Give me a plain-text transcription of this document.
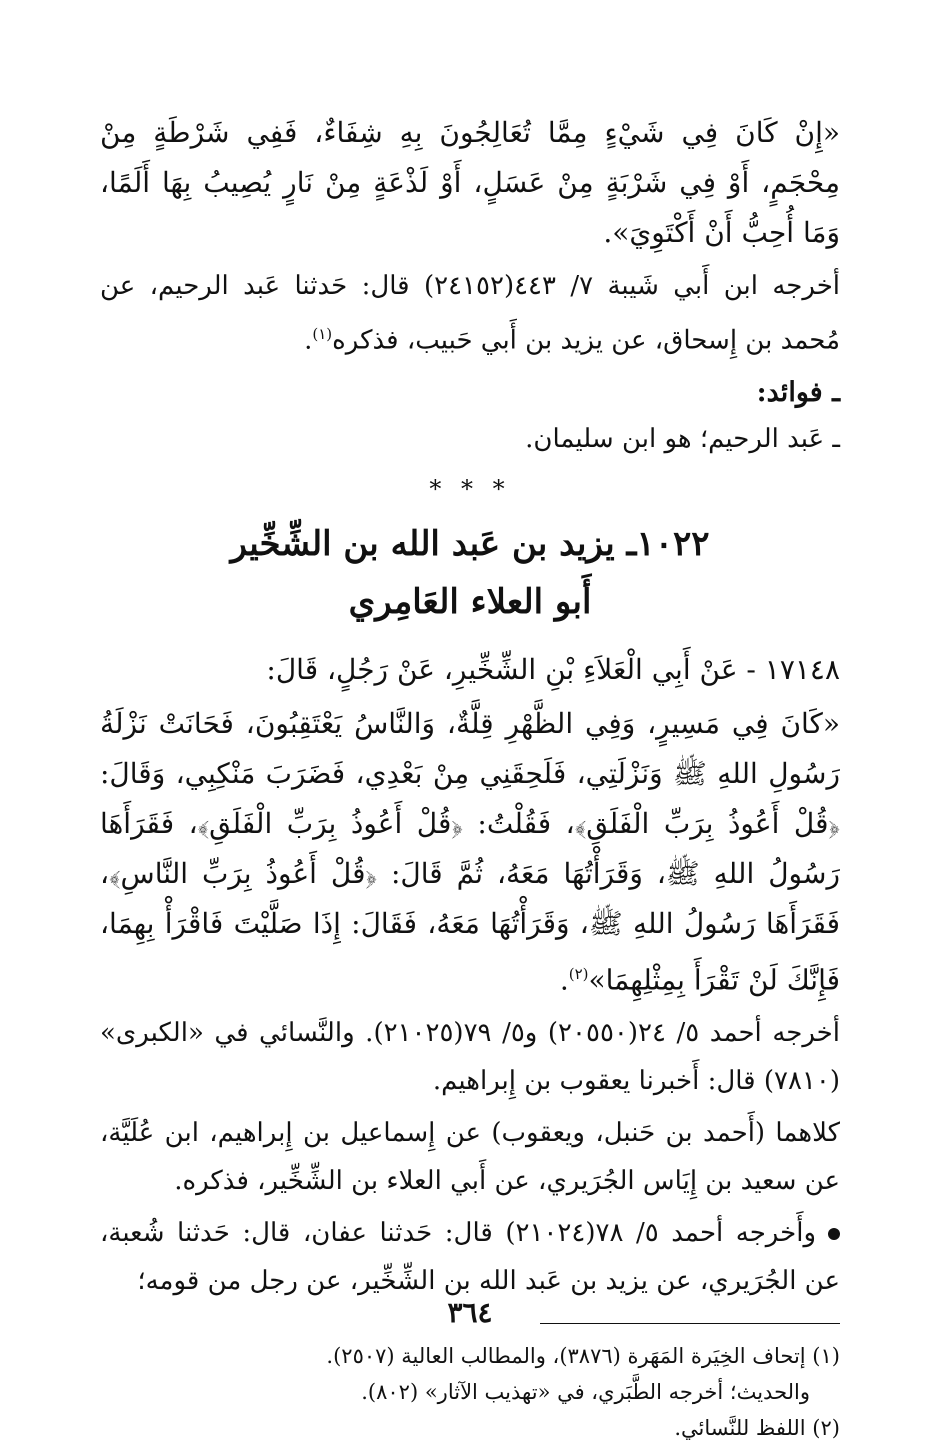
«إِنْ كَانَ فِي شَيْءٍ مِمَّا تُعَالِجُونَ بِهِ شِفَاءٌ، فَفِي شَرْطَةٍ مِنْ مِحْجَمٍ، أَوْ فِي شَرْبَةٍ مِنْ عَسَلٍ، أَوْ لَذْعَةٍ مِنْ نَارٍ يُصِيبُ بِهَا أَلَمًا، وَمَا أُحِبُّ أَنْ أَكْتَوِيَ».

أخرجه ابن أَبي شَيبة ٧/ ٤٤٣(٢٤١٥٢) قال: حَدثنا عَبد الرحيم، عن مُحمد بن إِسحاق، عن يزيد بن أَبي حَبيب، فذكره$^{(١)}$.

ـ فوائد:
ـ عَبد الرحيم؛ هو ابن سليمان.
* * *
١٠٢٢ـ يزيد بن عَبد الله بن الشِّخِّير
أَبو العلاء العَامِري

١٧١٤٨ - عَنْ أَبِي الْعَلاَءِ بْنِ الشِّخِّيرِ، عَنْ رَجُلٍ، قَالَ:

«كَانَ فِي مَسِيرٍ، وَفِي الظَّهْرِ قِلَّةٌ، وَالنَّاسُ يَعْتَقِبُونَ، فَحَانَتْ نَزْلَةُ رَسُولِ اللهِ ﷺ وَنَزْلَتِي، فَلَحِقَنِي مِنْ بَعْدِي، فَضَرَبَ مَنْكِبِي، وَقَالَ: ﴿قُلْ أَعُوذُ بِرَبِّ الْفَلَقِ﴾، فَقُلْتُ: ﴿قُلْ أَعُوذُ بِرَبِّ الْفَلَقِ﴾، فَقَرَأَهَا رَسُولُ اللهِ ﷺ، وَقَرَأْتُهَا مَعَهُ، ثُمَّ قَالَ: ﴿قُلْ أَعُوذُ بِرَبِّ النَّاسِ﴾، فَقَرَأَهَا رَسُولُ اللهِ ﷺ، وَقَرَأْتُهَا مَعَهُ، فَقَالَ: إِذَا صَلَّيْتَ فَاقْرَأْ بِهِمَا، فَإِنَّكَ لَنْ تَقْرَأَ بِمِثْلِهِمَا»$^{(٢)}$.

أخرجه أحمد ٥/ ٢٤(٢٠٥٥٠) و٥/ ٧٩(٢١٠٢٥). والنَّسائي في «الكبرى» (٧٨١٠) قال: أَخبرنا يعقوب بن إِبراهيم.

كلاهما (أَحمد بن حَنبل، ويعقوب) عن إِسماعيل بن إِبراهيم، ابن عُلَيَّة، عن سعيد بن إِيَاس الجُرَيري، عن أَبي العلاء بن الشِّخِّير، فذكره.

وأَخرجه أحمد ٥/ ٧٨(٢١٠٢٤) قال: حَدثنا عفان، قال: حَدثنا شُعبة، عن الجُرَيري، عن يزيد بن عَبد الله بن الشِّخِّير، عن رجل من قومه؛

(١) إتحاف الخِيَرة المَهَرة (٣٨٧٦)، والمطالب العالية (٢٥٠٧).

والحديث؛ أخرجه الطَّبَري، في «تهذيب الآثار» (٨٠٢).

(٢) اللفظ للنَّسائي.

٣٦٤
